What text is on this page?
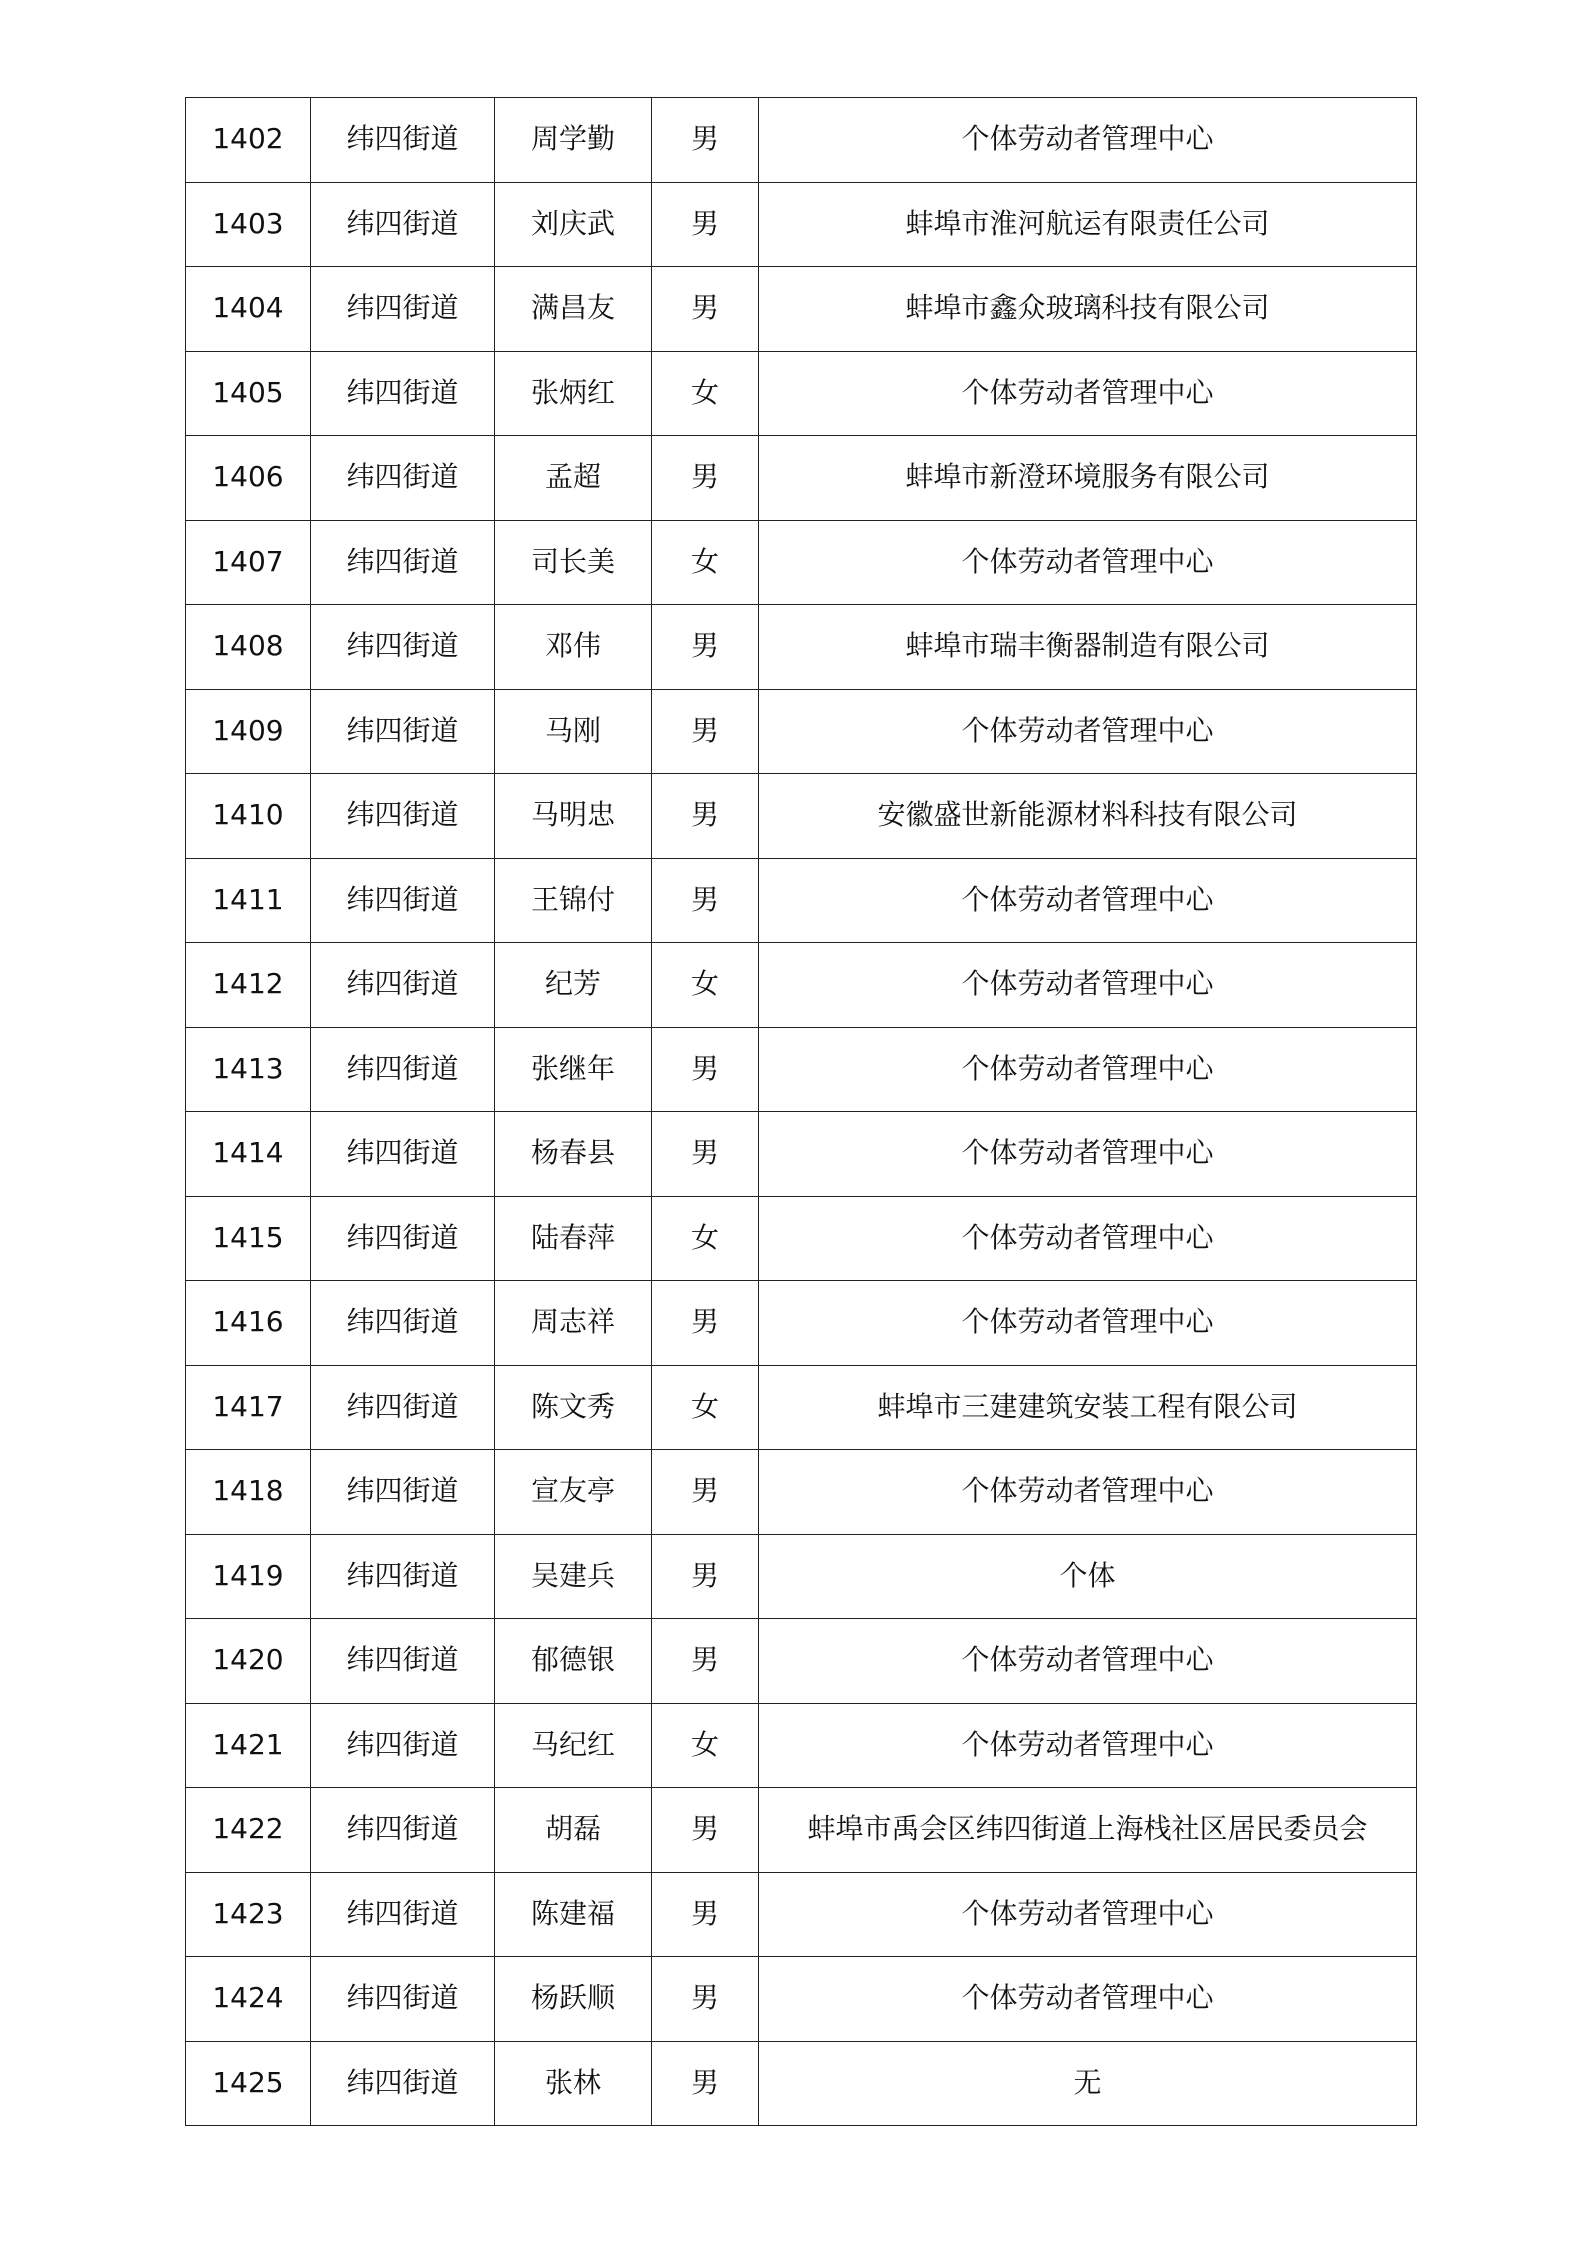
1402	纬四街道	周学勤	男	个体劳动者管理中心
1403	纬四街道	刘庆武	男	蚌埠市淮河航运有限责任公司
1404	纬四街道	满昌友	男	蚌埠市鑫众玻璃科技有限公司
1405	纬四街道	张炳红	女	个体劳动者管理中心
1406	纬四街道	孟超	男	蚌埠市新澄环境服务有限公司
1407	纬四街道	司长美	女	个体劳动者管理中心
1408	纬四街道	邓伟	男	蚌埠市瑞丰衡器制造有限公司
1409	纬四街道	马刚	男	个体劳动者管理中心
1410	纬四街道	马明忠	男	安徽盛世新能源材料科技有限公司
1411	纬四街道	王锦付	男	个体劳动者管理中心
1412	纬四街道	纪芳	女	个体劳动者管理中心
1413	纬四街道	张继年	男	个体劳动者管理中心
1414	纬四街道	杨春县	男	个体劳动者管理中心
1415	纬四街道	陆春萍	女	个体劳动者管理中心
1416	纬四街道	周志祥	男	个体劳动者管理中心
1417	纬四街道	陈文秀	女	蚌埠市三建建筑安装工程有限公司
1418	纬四街道	宣友亭	男	个体劳动者管理中心
1419	纬四街道	吴建兵	男	个体
1420	纬四街道	郁德银	男	个体劳动者管理中心
1421	纬四街道	马纪红	女	个体劳动者管理中心
1422	纬四街道	胡磊	男	蚌埠市禹会区纬四街道上海栈社区居民委员会
1423	纬四街道	陈建福	男	个体劳动者管理中心
1424	纬四街道	杨跃顺	男	个体劳动者管理中心
1425	纬四街道	张林	男	无
